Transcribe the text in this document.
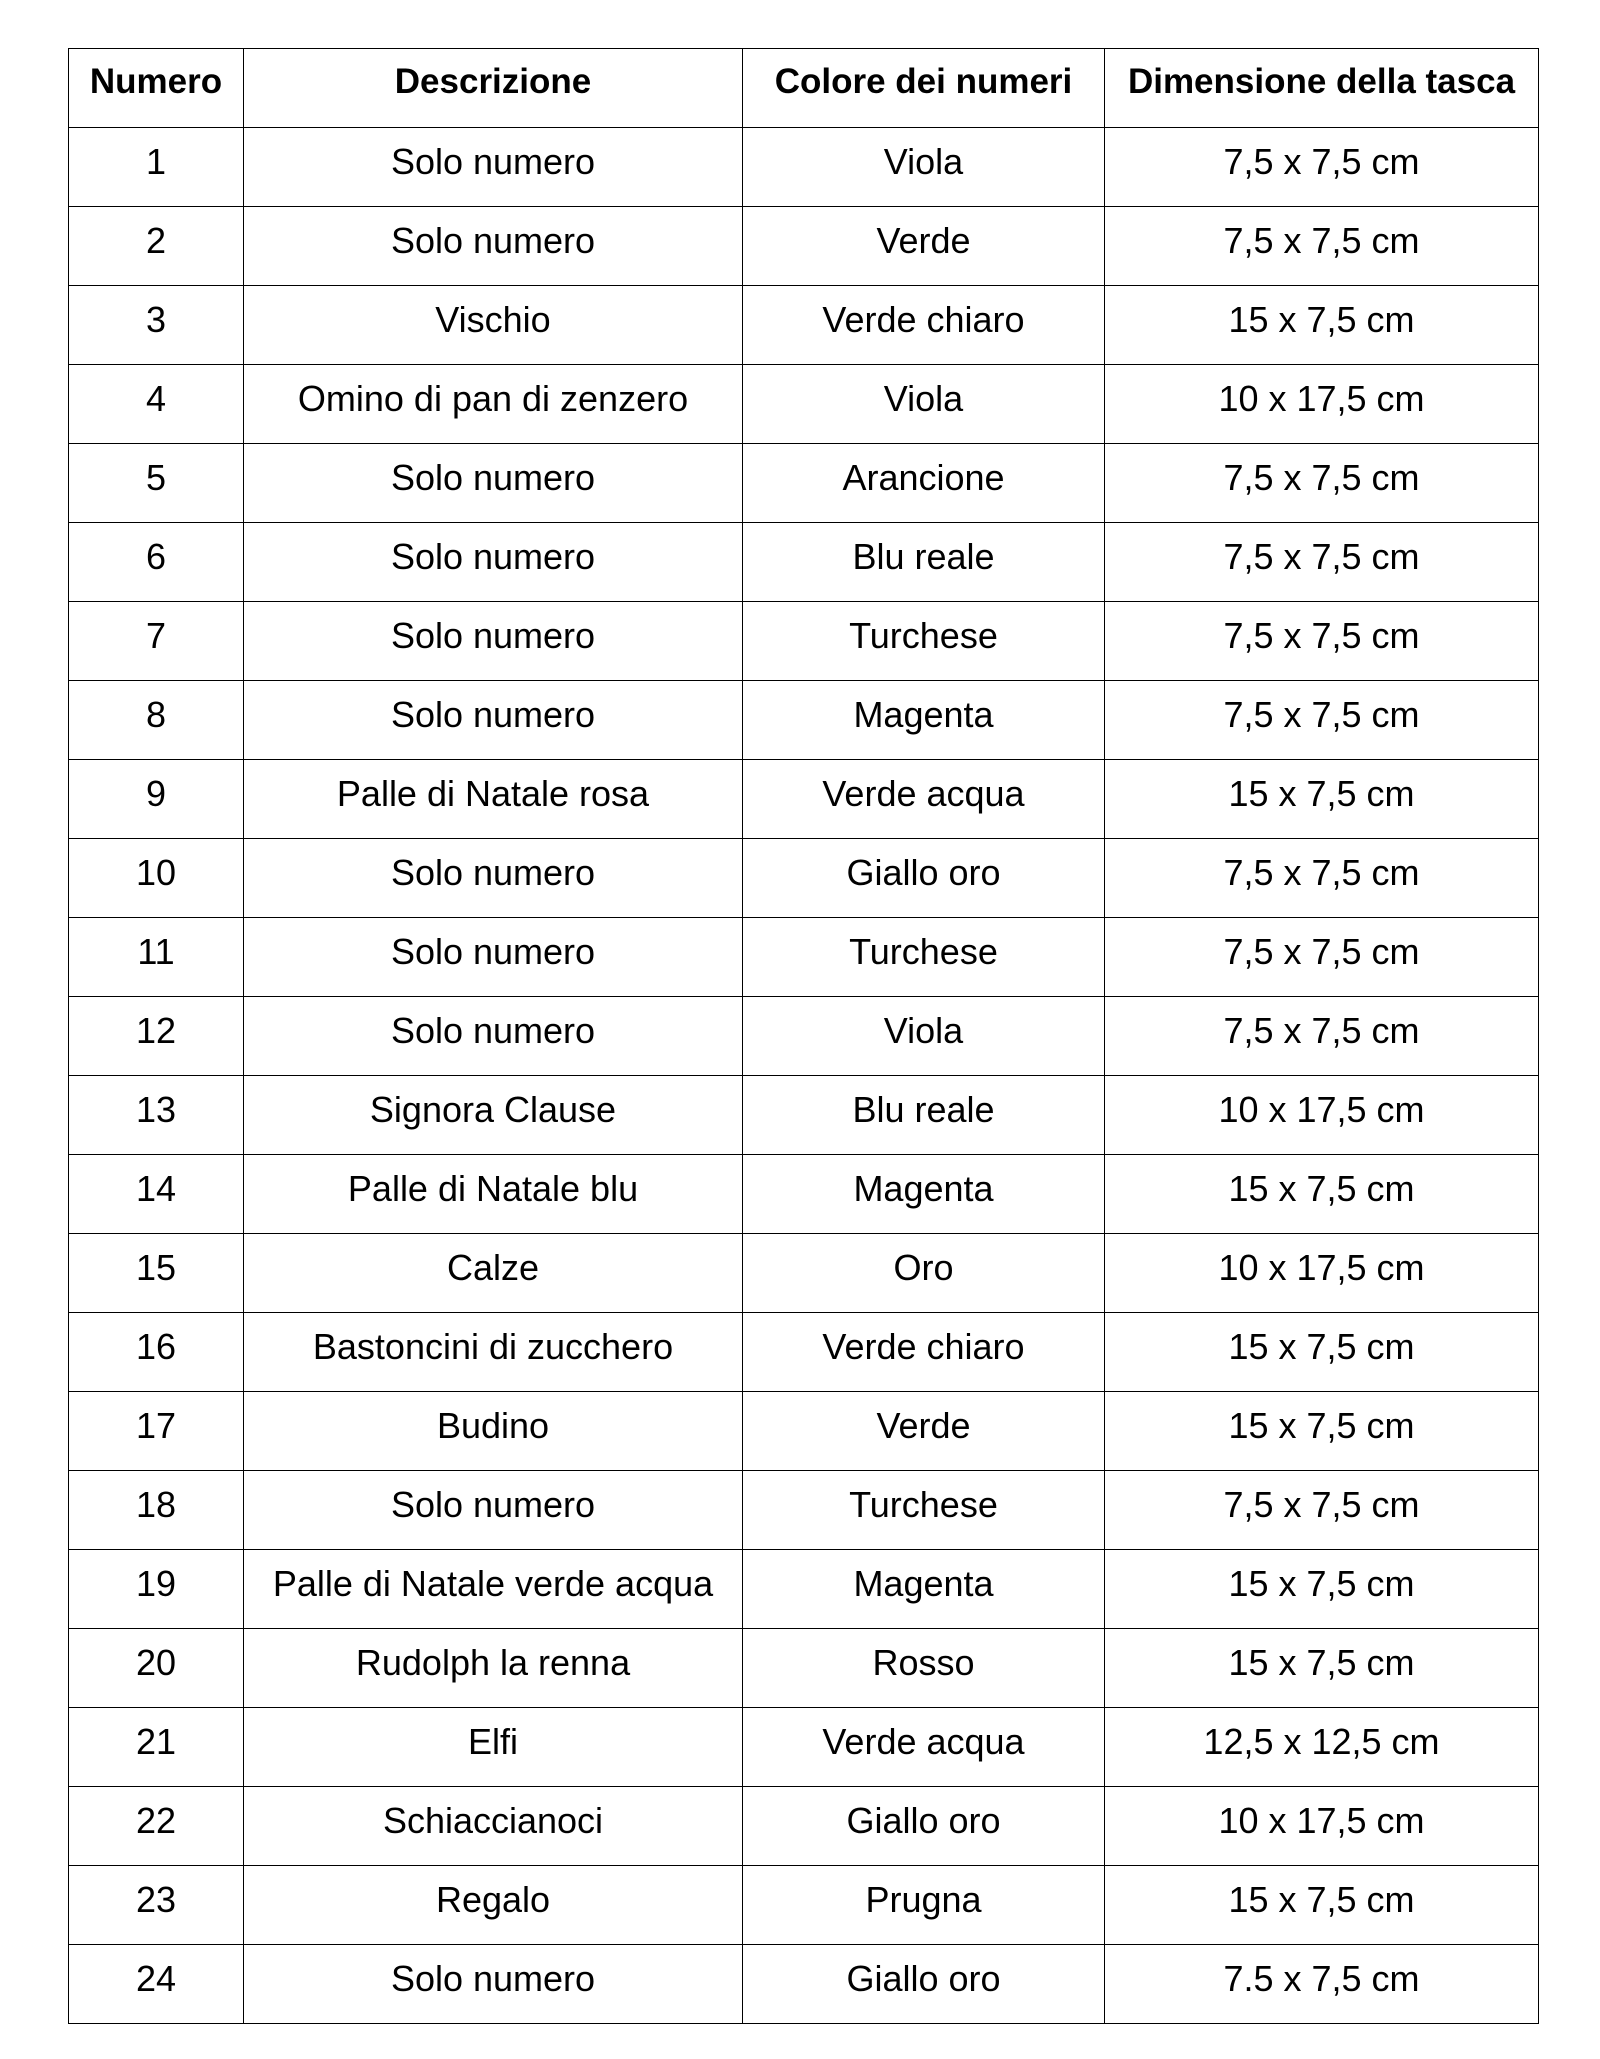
Numero	Descrizione	Colore dei numeri	Dimensione della tasca
1	Solo numero	Viola	7,5 x 7,5 cm
2	Solo numero	Verde	7,5 x 7,5 cm
3	Vischio	Verde chiaro	15 x 7,5 cm
4	Omino di pan di zenzero	Viola	10 x 17,5 cm
5	Solo numero	Arancione	7,5 x 7,5 cm
6	Solo numero	Blu reale	7,5 x 7,5 cm
7	Solo numero	Turchese	7,5 x 7,5 cm
8	Solo numero	Magenta	7,5 x 7,5 cm
9	Palle di Natale rosa	Verde acqua	15 x 7,5 cm
10	Solo numero	Giallo oro	7,5 x 7,5 cm
11	Solo numero	Turchese	7,5 x 7,5 cm
12	Solo numero	Viola	7,5 x 7,5 cm
13	Signora Clause	Blu reale	10 x 17,5 cm
14	Palle di Natale blu	Magenta	15 x 7,5 cm
15	Calze	Oro	10 x 17,5 cm
16	Bastoncini di zucchero	Verde chiaro	15 x 7,5 cm
17	Budino	Verde	15 x 7,5 cm
18	Solo numero	Turchese	7,5 x 7,5 cm
19	Palle di Natale verde acqua	Magenta	15 x 7,5 cm
20	Rudolph la renna	Rosso	15 x 7,5 cm
21	Elfi	Verde acqua	12,5 x 12,5 cm
22	Schiaccianoci	Giallo oro	10 x 17,5 cm
23	Regalo	Prugna	15 x 7,5 cm
24	Solo numero	Giallo oro	7.5 x 7,5 cm
